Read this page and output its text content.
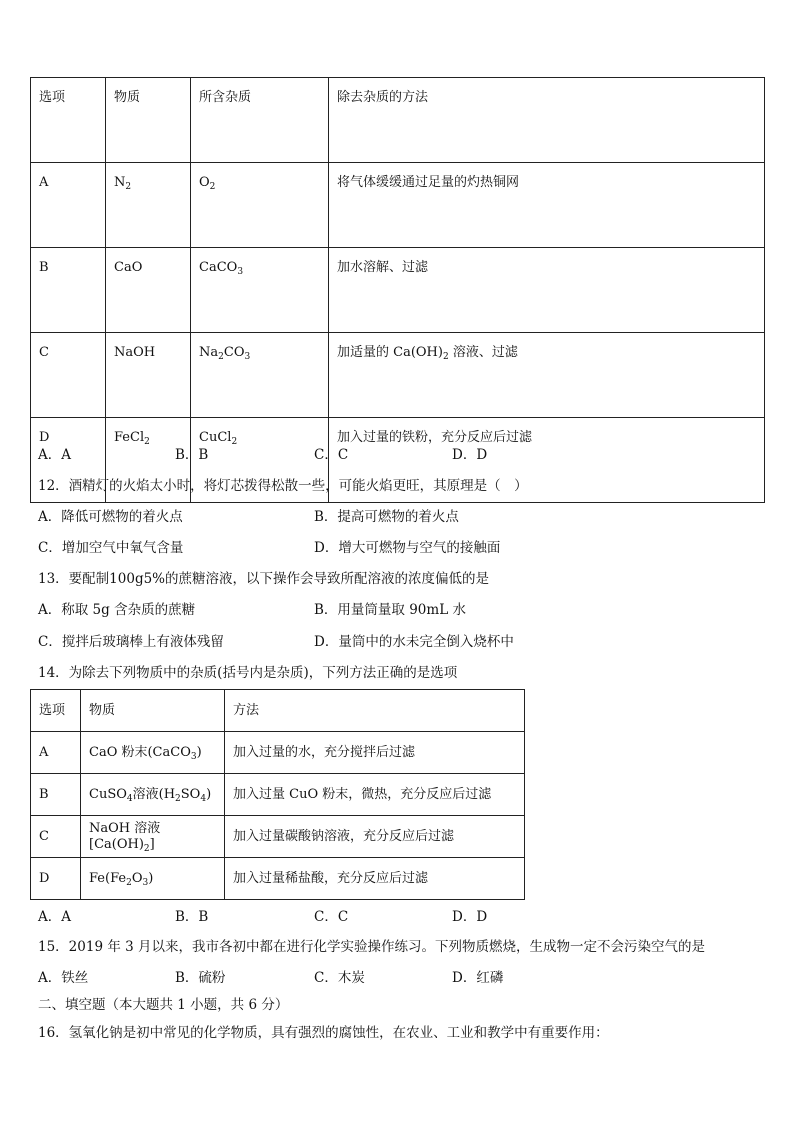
选项	物质	所含杂质	除去杂质的方法
A	$N_2$	$O_2$	将气体缓缓通过足量的灼热铜网
B	CaO	CaCO$_3$	加水溶解、过滤
C	NaOH	$Na_2CO_3$	加适量的 $Ca(OH)_2$ 溶液、过滤
D	FeCl$_2$	CuCl$_2$	加入过量的铁粉，充分反应后过滤
A．A	B．B	C．C	D．D
12．酒精灯的火焰太小时，将灯芯拨得松散一些，可能火焰更旺，其原理是（　）
A．降低可燃物的着火点	B．提高可燃物的着火点
C．增加空气中氧气含量	D．增大可燃物与空气的接触面
13．要配制100g5%的蔗糖溶液，以下操作会导致所配溶液的浓度偏低的是
A．称取 5g 含杂质的蔗糖	B．用量筒量取 90mL 水
C．搅拌后玻璃棒上有液体残留	D．量筒中的水未完全倒入烧杯中
14．为除去下列物质中的杂质(括号内是杂质)，下列方法正确的是选项
选项	物质	方法
A	CaO 粉末(CaCO$_3$)	加入过量的水，充分搅拌后过滤
B	CuSO$_4$溶液$(H_2SO_4)$	加入过量 CuO 粉末，微热，充分反应后过滤
C	NaOH 溶液$[Ca(OH)_2]$	加入过量碳酸钠溶液，充分反应后过滤
D	$Fe(Fe_2O_3)$	加入过量稀盐酸，充分反应后过滤
A．A	B．B	C．C	D．D
15．2019 年 3 月以来，我市各初中都在进行化学实验操作练习。下列物质燃烧，生成物一定不会污染空气的是
A．铁丝	B．硫粉	C．木炭	D．红磷
二、填空题（本大题共 1 小题，共 6 分）
16．氢氧化钠是初中常见的化学物质，具有强烈的腐蚀性，在农业、工业和教学中有重要作用：
